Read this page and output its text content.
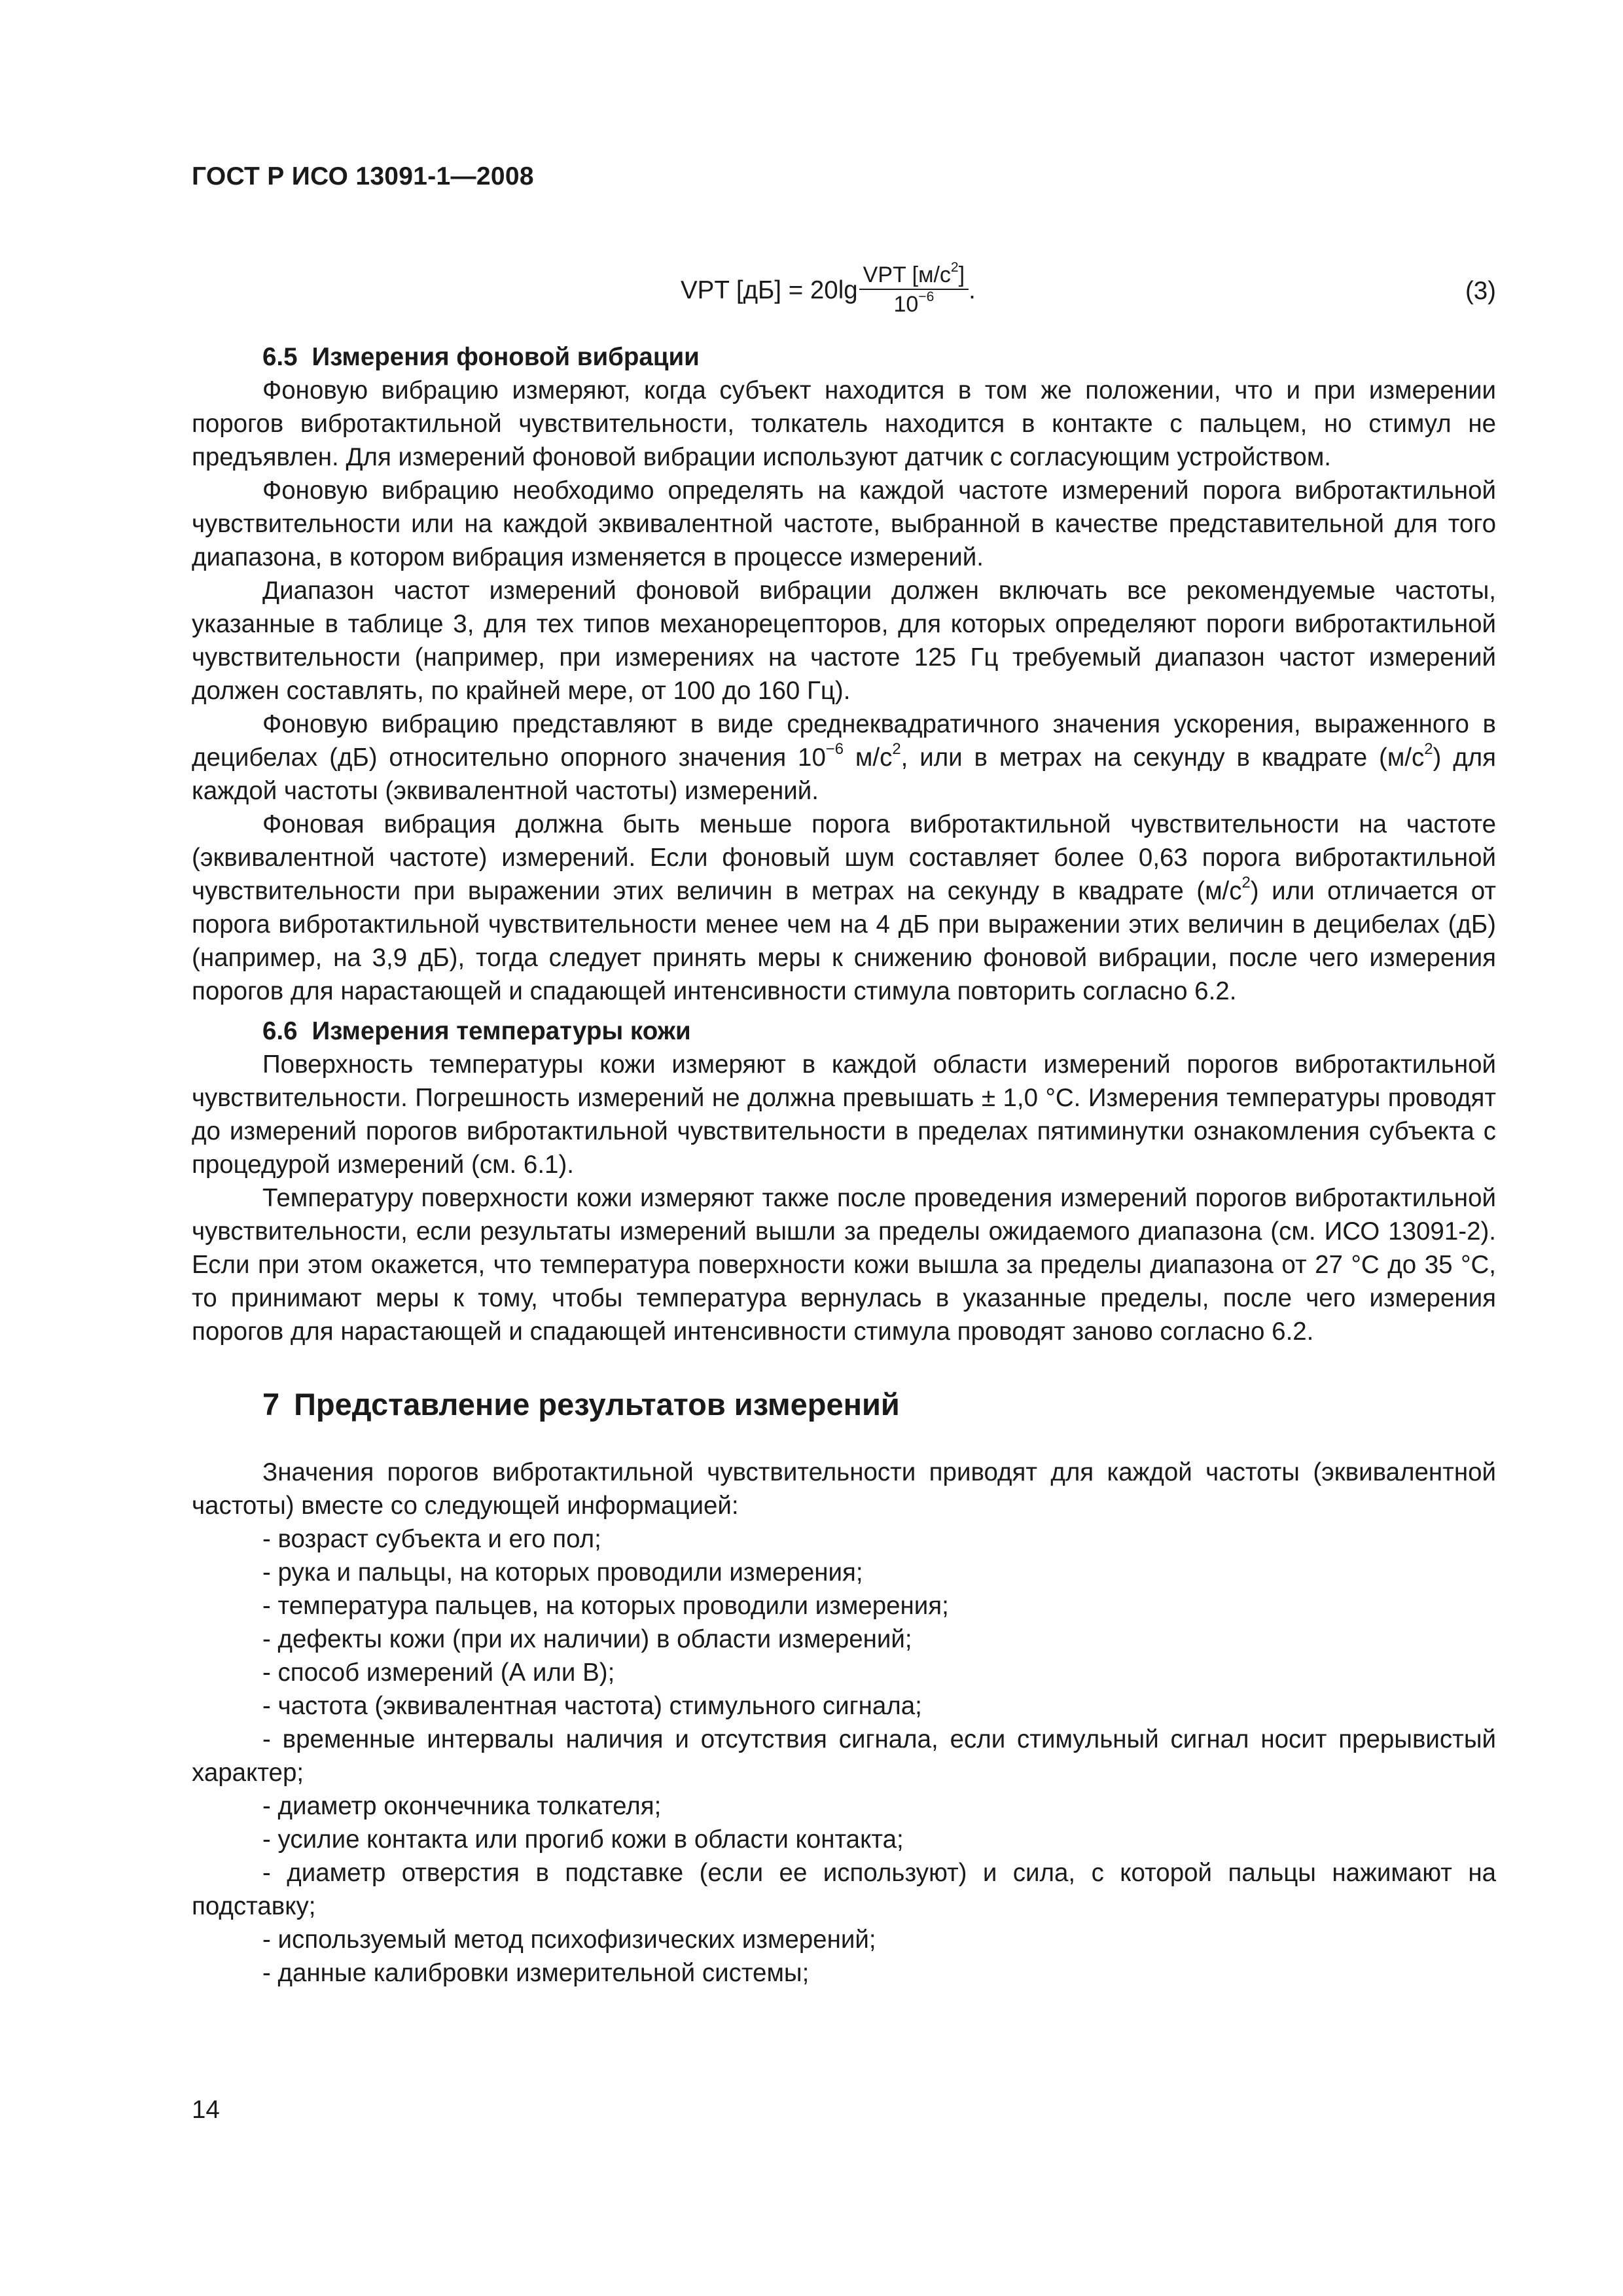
ГОСТ Р ИСО 13091-1—2008
VPT $[дБ] = 20\lg \frac{VPT [м/с^2]}{10^{-6}}$ .	(3)
6.5 Измерения фоновой вибрации

Фоновую вибрацию измеряют, когда субъект находится в том же положении, что и при измерении порогов вибротактильной чувствительности, толкатель находится в контакте с пальцем, но стимул не предъявлен. Для измерений фоновой вибрации используют датчик с согласующим устройством.

Фоновую вибрацию необходимо определять на каждой частоте измерений порога вибротактильной чувствительности или на каждой эквивалентной частоте, выбранной в качестве представительной для того диапазона, в котором вибрация изменяется в процессе измерений.

Диапазон частот измерений фоновой вибрации должен включать все рекомендуемые частоты, указанные в таблице 3, для тех типов механорецепторов, для которых определяют пороги вибротактильной чувствительности (например, при измерениях на частоте 125 Гц требуемый диапазон частот измерений должен составлять, по крайней мере, от 100 до 160 Гц).

Фоновую вибрацию представляют в виде среднеквадратичного значения ускорения, выраженного в децибелах (дБ) относительно опорного значения $10^{-6}$ $м/с^2$, или в метрах на секунду в квадрате $(м/с^2)$ для каждой частоты (эквивалентной частоты) измерений.

Фоновая вибрация должна быть меньше порога вибротактильной чувствительности на частоте (эквивалентной частоте) измерений. Если фоновый шум составляет более 0,63 порога вибротактильной чувствительности при выражении этих величин в метрах на секунду в квадрате $(м/с^2)$ или отличается от порога вибротактильной чувствительности менее чем на 4 дБ при выражении этих величин в децибелах (дБ) (например, на 3,9 дБ), тогда следует принять меры к снижению фоновой вибрации, после чего измерения порогов для нарастающей и спадающей интенсивности стимула повторить согласно 6.2.

6.6 Измерения температуры кожи

Поверхность температуры кожи измеряют в каждой области измерений порогов вибротактильной чувствительности. Погрешность измерений не должна превышать ± 1,0 °С. Измерения температуры проводят до измерений порогов вибротактильной чувствительности в пределах пятиминутки ознакомления субъекта с процедурой измерений (см. 6.1).

Температуру поверхности кожи измеряют также после проведения измерений порогов вибротактильной чувствительности, если результаты измерений вышли за пределы ожидаемого диапазона (см. ИСО 13091-2). Если при этом окажется, что температура поверхности кожи вышла за пределы диапазона от 27 °С до 35 °С, то принимают меры к тому, чтобы температура вернулась в указанные пределы, после чего измерения порогов для нарастающей и спадающей интенсивности стимула проводят заново согласно 6.2.

7 Представление результатов измерений

Значения порогов вибротактильной чувствительности приводят для каждой частоты (эквивалентной частоты) вместе со следующей информацией:

- возраст субъекта и его пол;
- рука и пальцы, на которых проводили измерения;
- температура пальцев, на которых проводили измерения;
- дефекты кожи (при их наличии) в области измерений;
- способ измерений (А или В);
- частота (эквивалентная частота) стимульного сигнала;
- временные интервалы наличия и отсутствия сигнала, если стимульный сигнал носит прерывистый характер;
- диаметр окончечника толкателя;
- усилие контакта или прогиб кожи в области контакта;
- диаметр отверстия в подставке (если ее используют) и сила, с которой пальцы нажимают на подставку;
- используемый метод психофизических измерений;
- данные калибровки измерительной системы;
14
